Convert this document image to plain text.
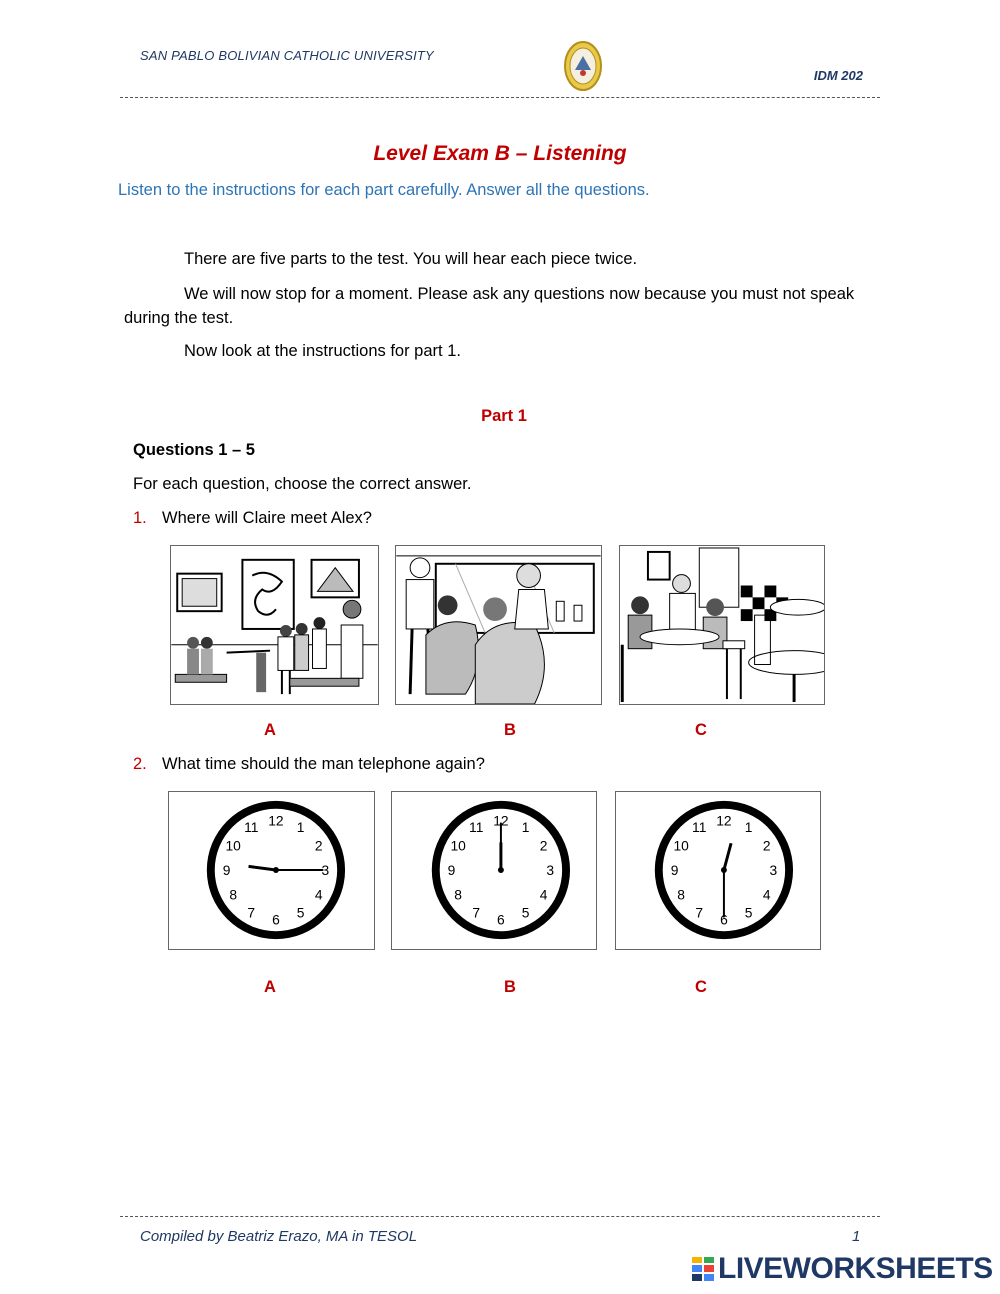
SAN PABLO BOLIVIAN CATHOLIC UNIVERSITY
IDM 202
Level Exam B – Listening
Listen to the instructions for each part carefully. Answer all the questions.
There are five parts to the test. You will hear each piece twice.
We will now stop for a moment. Please ask any questions now because you must not speak during the test.
Now look at the instructions for part 1.
Part 1
Questions 1 – 5
For each question, choose the correct answer.
1. Where will Claire meet Alex?
A	B	C
2. What time should the man telephone again?
12 1
2
3
4
5
6
7
8
9
10
11	12 1
2
3
4
5
6
7
8
9
10
11	12 1
2
3
4
5
6
7
8
9
10
11
A	B	C
Compiled by Beatriz Erazo, MA in TESOL	1
LIVEWORKSHEETS
